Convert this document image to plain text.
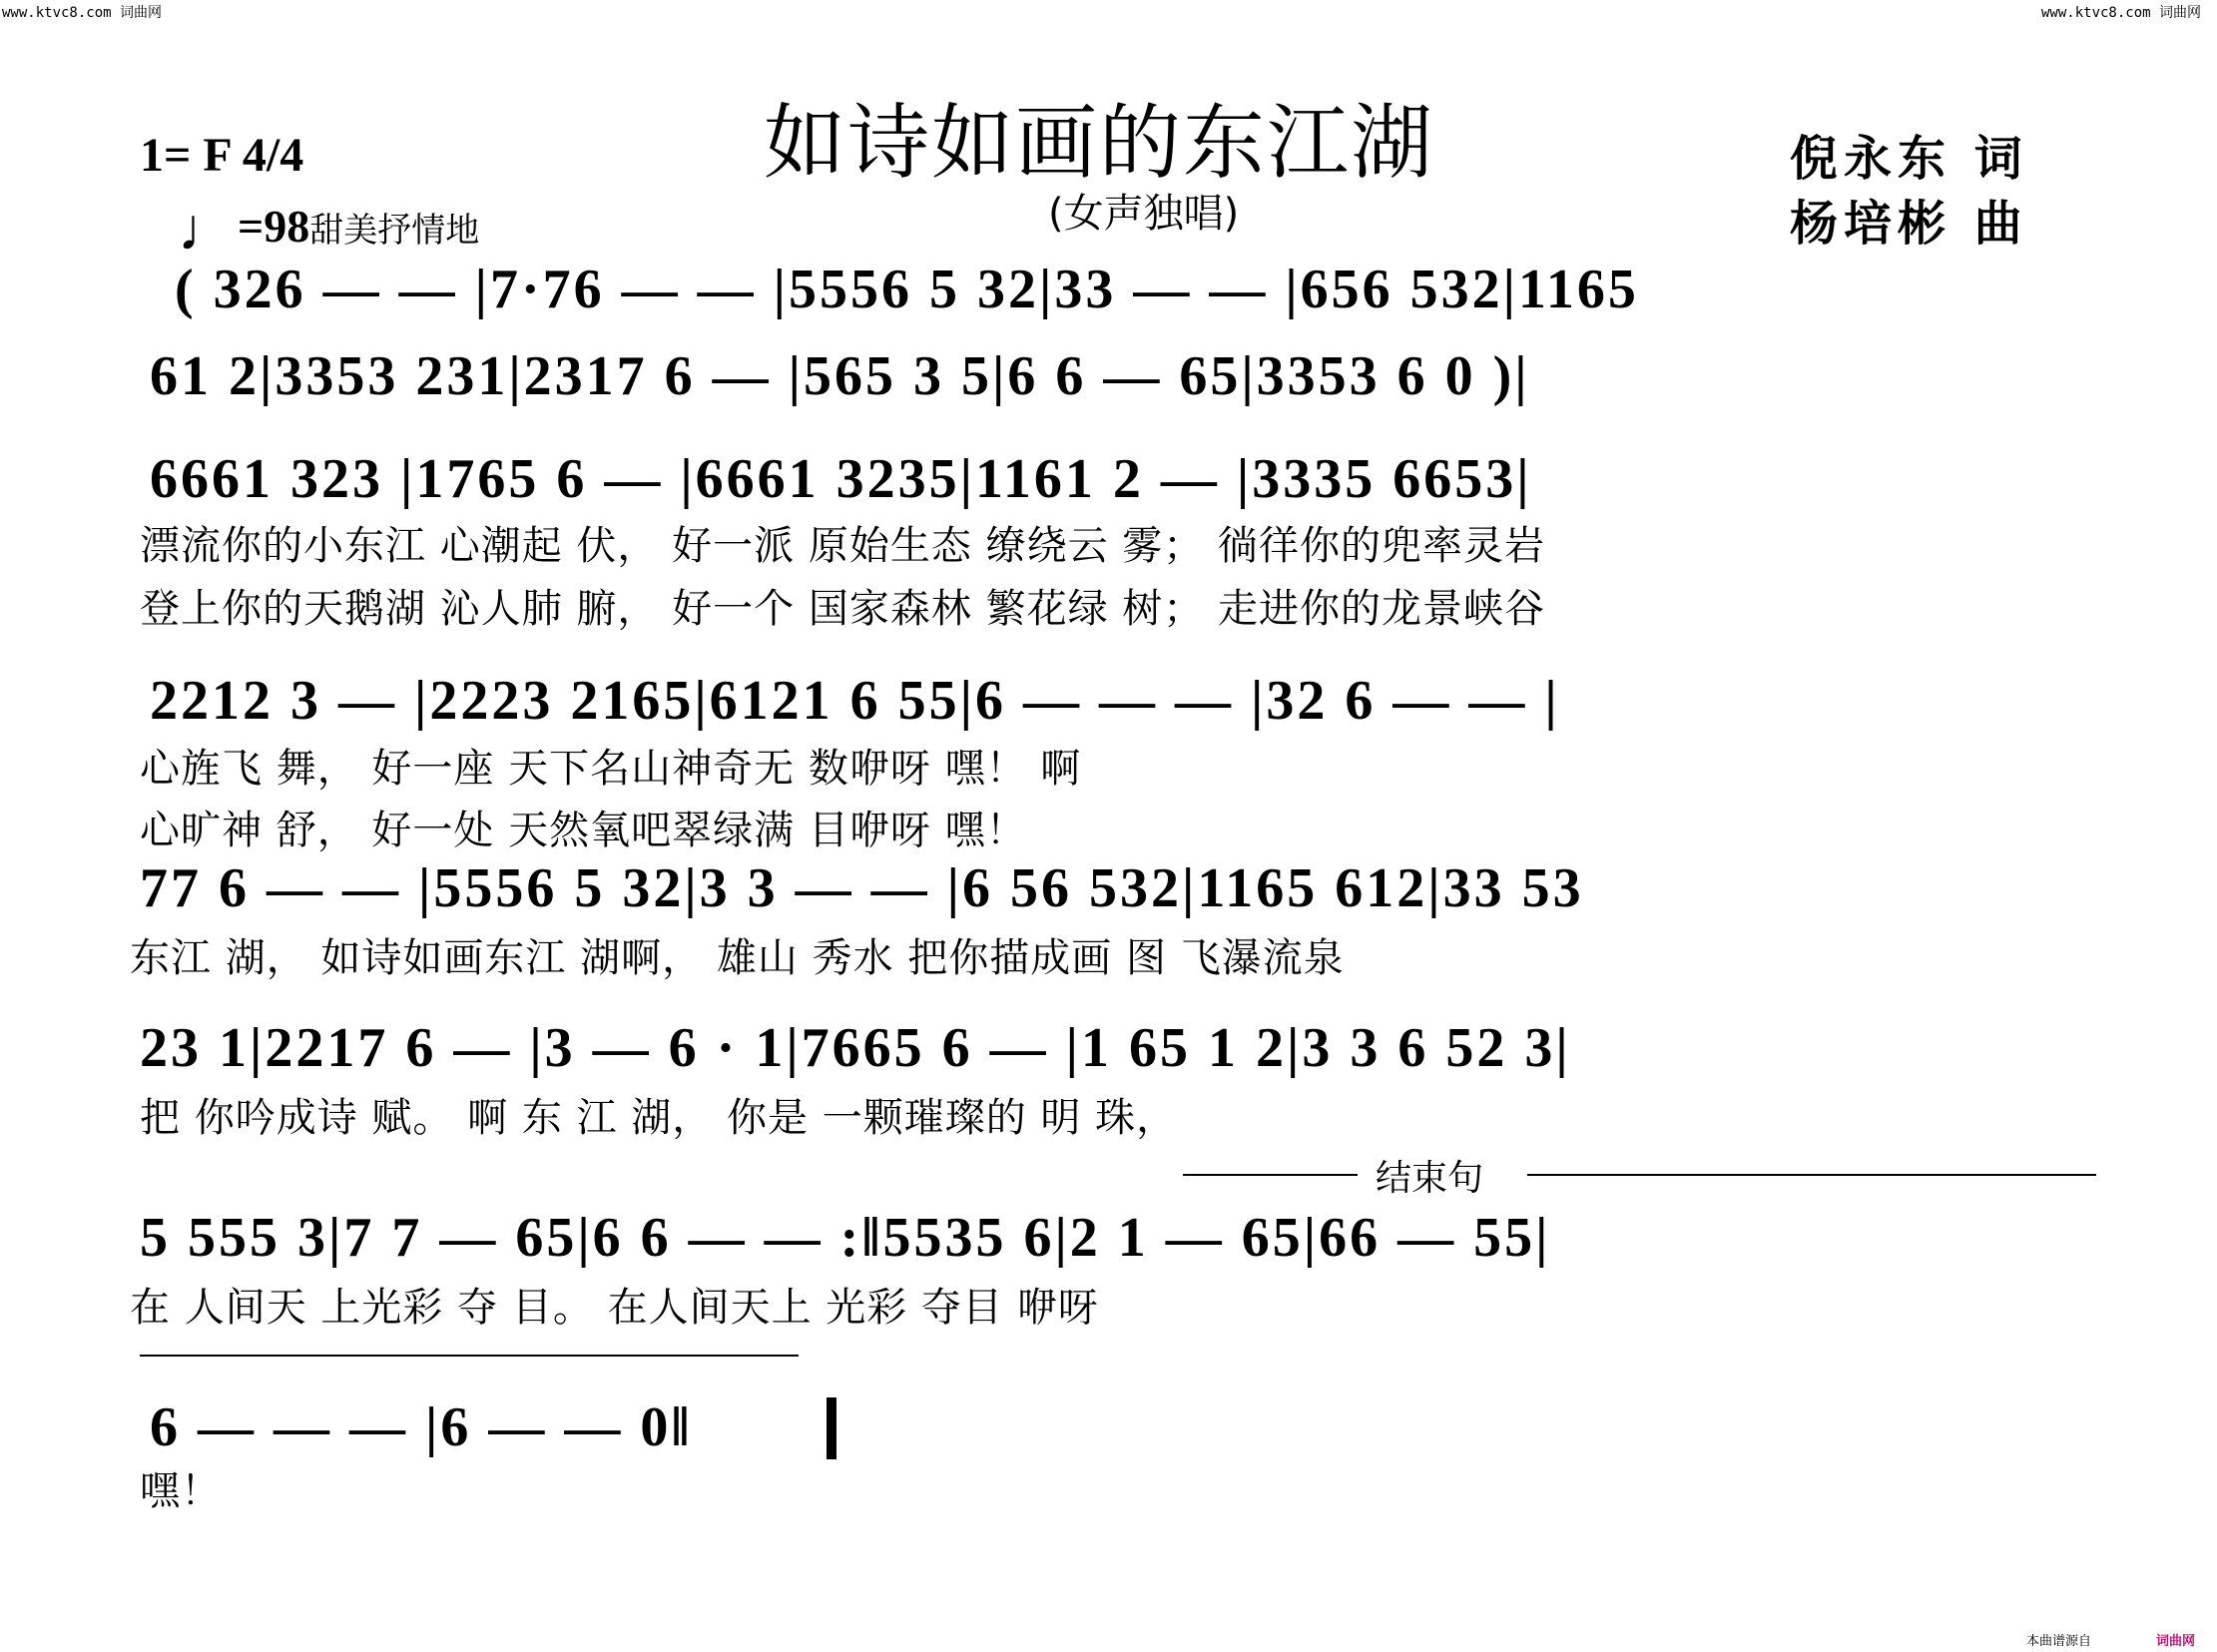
www.ktvc8.com 词曲网	www.ktvc8.com 词曲网
如诗如画的东江湖
(女声独唱)
1= F 4/4
♩=98甜美抒情地
倪永东 词
杨培彬 曲
( 326 — — |7·76 — — |5556 5 32|33 — — |656 532|1165
61 2|3353 231|2317 6 — |565 3 5|6 6 — 65|3353 6 0 )|
6661 323 |1765 6 — |6661 3235|1161 2 — |3335 6653|
漂流你的小东江 心潮起 伏， 好一派 原始生态 缭绕云 雾； 徜徉你的兜率灵岩
登上你的天鹅湖 沁人肺 腑， 好一个 国家森林 繁花绿 树； 走进你的龙景峡谷
2212 3 — |2223 2165|6121 6 55|6 — — — |32 6 — — |
心旌飞 舞， 好一座 天下名山神奇无 数咿呀 嘿！ 啊
心旷神 舒， 好一处 天然氧吧翠绿满 目咿呀 嘿！
77 6 — — |5556 5 32|3 3 — — |6 56 532|1165 612|33 53
东江 湖， 如诗如画东江 湖啊， 雄山 秀水 把你描成画 图 飞瀑流泉
23 1|2217 6 — |3 — 6 · 1|7665 6 — |1 65 1 2|3 3 6 52 3|
把 你吟成诗 赋。 啊 东 江 湖， 你是 一颗璀璨的 明 珠，
结束句
5 555 3|7 7 — 65|6 6 — — :‖5535 6|2 1 — 65|66 — 55|
在 人间天 上光彩 夺 目。 在人间天上 光彩 夺目 咿呀
6 — — — |6 — — 0‖
嘿！
本曲谱源自	词曲网
